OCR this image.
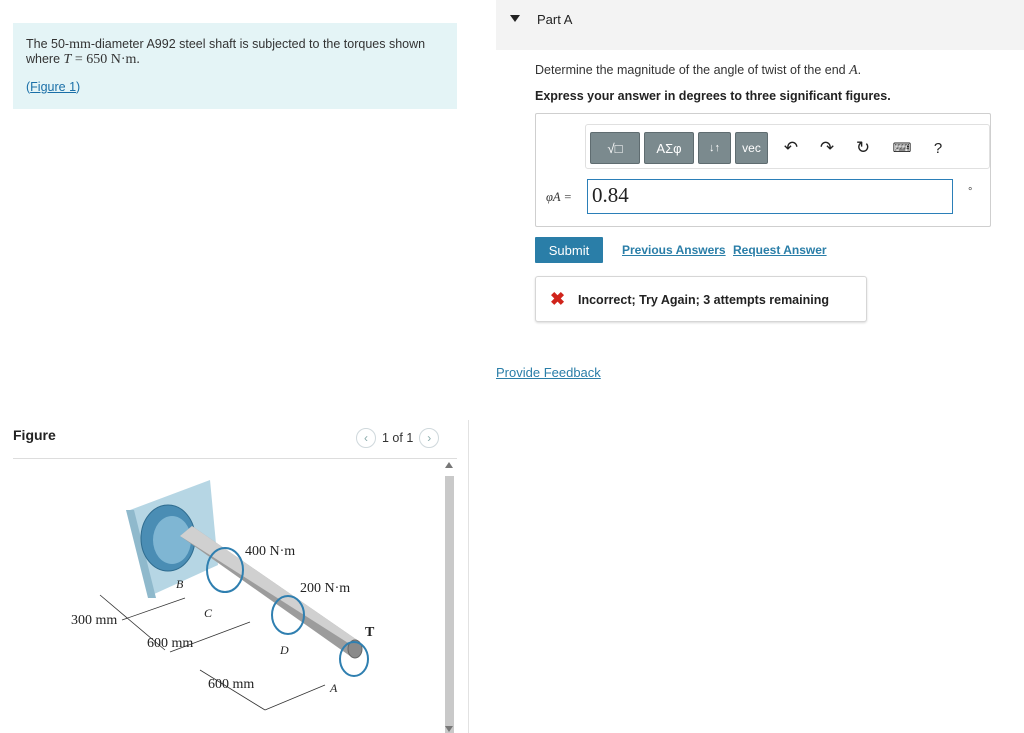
The 50-mm-diameter A992 steel shaft is subjected to the torques shown where T = 650 N·m.
(Figure 1)
Figure	‹	1 of 1	›
400 N·m
200 N·m
T
300 mm
600 mm
600 mm
B
C
D
A
Part A
Determine the magnitude of the angle of twist of the end A.
Express your answer in degrees to three significant figures.
√□	ΑΣφ ↓↑ vec ↶ ↷ ↻ ⌨ ?
φA = 0.84	°
Submit	Previous Answers Request Answer
✖ Incorrect; Try Again; 3 attempts remaining
Provide Feedback
